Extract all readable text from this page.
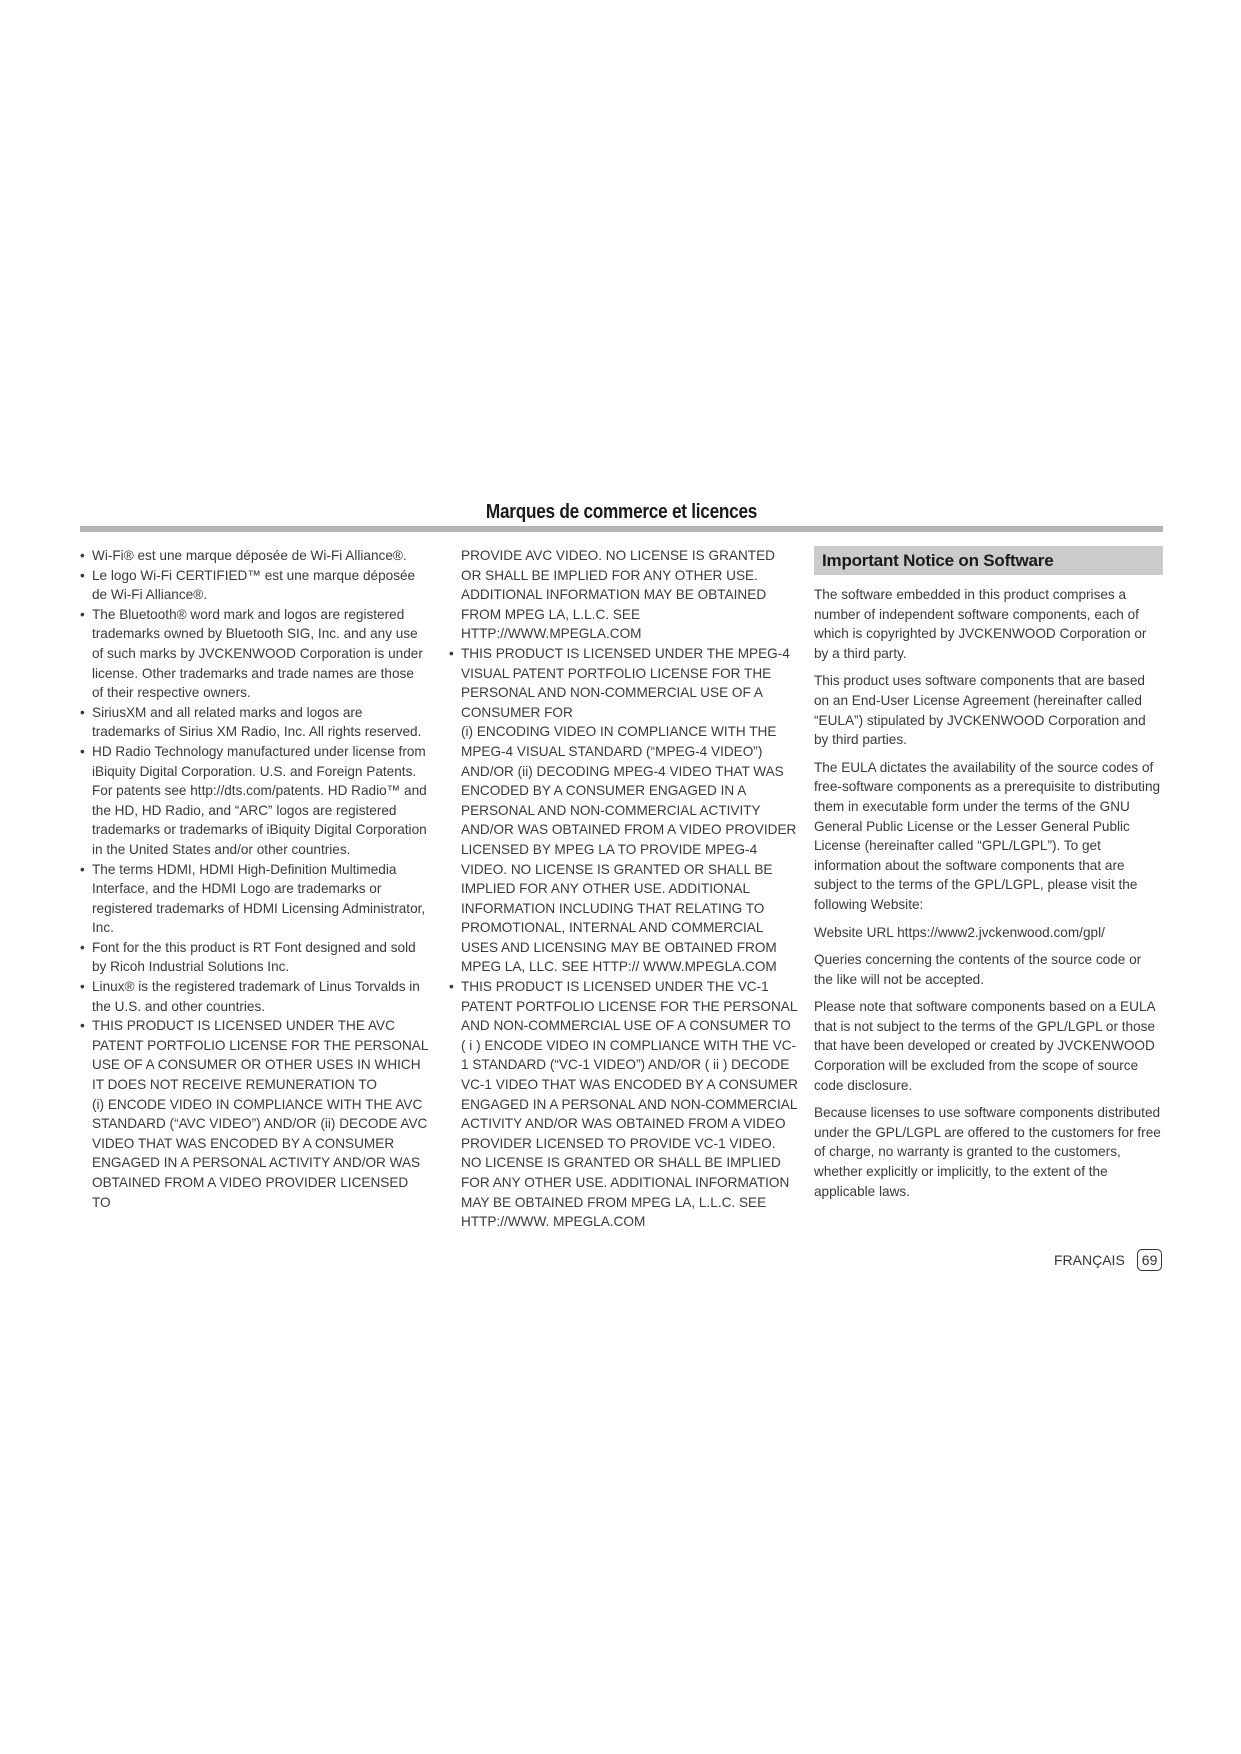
Marques de commerce et licences
• Wi-Fi® est une marque déposée de Wi-Fi Alliance®.
• Le logo Wi-Fi CERTIFIED™ est une marque déposée de Wi-Fi Alliance®.
• The Bluetooth® word mark and logos are registered trademarks owned by Bluetooth SIG, Inc. and any use of such marks by JVCKENWOOD Corporation is under license. Other trademarks and trade names are those of their respective owners.
• SiriusXM and all related marks and logos are trademarks of Sirius XM Radio, Inc. All rights reserved.
• HD Radio Technology manufactured under license from iBiquity Digital Corporation. U.S. and Foreign Patents. For patents see http://dts.com/patents. HD Radio™ and the HD, HD Radio, and “ARC” logos are registered trademarks or trademarks of iBiquity Digital Corporation in the United States and/or other countries.
• The terms HDMI, HDMI High-Definition Multimedia Interface, and the HDMI Logo are trademarks or registered trademarks of HDMI Licensing Administrator, Inc.
• Font for the this product is RT Font designed and sold by Ricoh Industrial Solutions Inc.
• Linux® is the registered trademark of Linus Torvalds in the U.S. and other countries.
• THIS PRODUCT IS LICENSED UNDER THE AVC PATENT PORTFOLIO LICENSE FOR THE PERSONAL USE OF A CONSUMER OR OTHER USES IN WHICH IT DOES NOT RECEIVE REMUNERATION TO

(i) ENCODE VIDEO IN COMPLIANCE WITH THE AVC STANDARD (“AVC VIDEO”) AND/OR (ii) DECODE AVC VIDEO THAT WAS ENCODED BY A CONSUMER ENGAGED IN A PERSONAL ACTIVITY AND/OR WAS OBTAINED FROM A VIDEO PROVIDER LICENSED TO

PROVIDE AVC VIDEO. NO LICENSE IS GRANTED OR SHALL BE IMPLIED FOR ANY OTHER USE. ADDITIONAL INFORMATION MAY BE OBTAINED FROM MPEG LA, L.L.C. SEE HTTP://WWW.MPEGLA.COM

• THIS PRODUCT IS LICENSED UNDER THE MPEG-4 VISUAL PATENT PORTFOLIO LICENSE FOR THE PERSONAL AND NON-COMMERCIAL USE OF A CONSUMER FOR

(i) ENCODING VIDEO IN COMPLIANCE WITH THE MPEG-4 VISUAL STANDARD (“MPEG-4 VIDEO”) AND/OR (ii) DECODING MPEG-4 VIDEO THAT WAS ENCODED BY A CONSUMER ENGAGED IN A PERSONAL AND NON-COMMERCIAL ACTIVITY AND/OR WAS OBTAINED FROM A VIDEO PROVIDER LICENSED BY MPEG LA TO PROVIDE MPEG-4 VIDEO. NO LICENSE IS GRANTED OR SHALL BE IMPLIED FOR ANY OTHER USE. ADDITIONAL INFORMATION INCLUDING THAT RELATING TO PROMOTIONAL, INTERNAL AND COMMERCIAL USES AND LICENSING MAY BE OBTAINED FROM MPEG LA, LLC. SEE HTTP:// WWW.MPEGLA.COM

• THIS PRODUCT IS LICENSED UNDER THE VC-1 PATENT PORTFOLIO LICENSE FOR THE PERSONAL AND NON-COMMERCIAL USE OF A CONSUMER TO ( i ) ENCODE VIDEO IN COMPLIANCE WITH THE VC-1 STANDARD (“VC-1 VIDEO”) AND/OR ( ii ) DECODE VC-1 VIDEO THAT WAS ENCODED BY A CONSUMER ENGAGED IN A PERSONAL AND NON-COMMERCIAL ACTIVITY AND/OR WAS OBTAINED FROM A VIDEO PROVIDER LICENSED TO PROVIDE VC-1 VIDEO. NO LICENSE IS GRANTED OR SHALL BE IMPLIED FOR ANY OTHER USE. ADDITIONAL INFORMATION MAY BE OBTAINED FROM MPEG LA, L.L.C. SEE HTTP://WWW. MPEGLA.COM
Important Notice on Software

The software embedded in this product comprises a number of independent software components, each of which is copyrighted by JVCKENWOOD Corporation or by a third party.

This product uses software components that are based on an End-User License Agreement (hereinafter called “EULA”) stipulated by JVCKENWOOD Corporation and by third parties.

The EULA dictates the availability of the source codes of free-software components as a prerequisite to distributing them in executable form under the terms of the GNU General Public License or the Lesser General Public License (hereinafter called “GPL/LGPL”). To get information about the software components that are subject to the terms of the GPL/LGPL, please visit the following Website:

Website URL https://www2.jvckenwood.com/gpl/

Queries concerning the contents of the source code or the like will not be accepted.

Please note that software components based on a EULA that is not subject to the terms of the GPL/LGPL or those that have been developed or created by JVCKENWOOD Corporation will be excluded from the scope of source code disclosure.

Because licenses to use software components distributed under the GPL/LGPL are offered to the customers for free of charge, no warranty is granted to the customers, whether explicitly or implicitly, to the extent of the applicable laws.

FRANÇAIS	69
